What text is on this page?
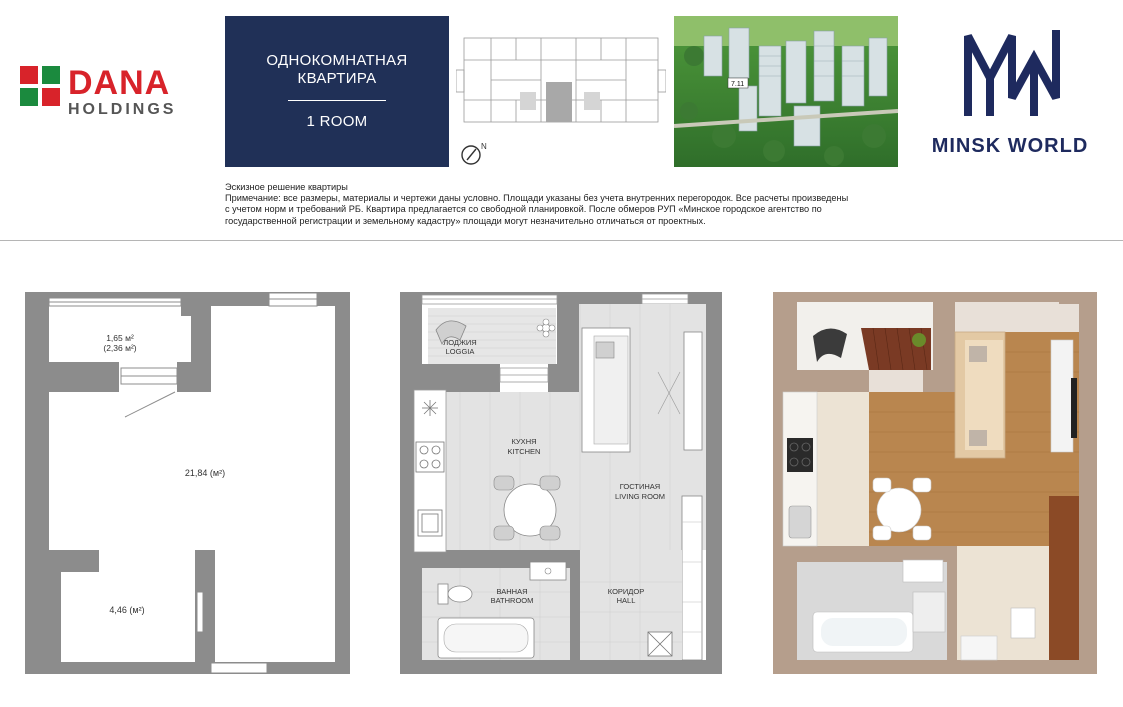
DANA
HOLDINGS
ОДНОКОМНАТНАЯ
КВАРТИРА
1 ROOM
N
7.11
MINSK WORLD
Эскизное решение квартиры
Примечание: все размеры, материалы и чертежи даны условно. Площади указаны без учета внутренних перегородок. Все расчеты произведены
с учетом норм и требований РБ. Квартира предлагается со свободной планировкой. После обмеров РУП «Минское городское агентство по
государственной регистрации и земельному кадастру» площади могут незначительно отличаться от проектных.
1,65 м²
(2,36 м²)
21,84 (м²)
4,46 (м²)
ЛОДЖИЯ
LOGGIA
КУХНЯ
KITCHEN
ГОСТИНАЯ
LIVING ROOM
ВАННАЯ
BATHROOM
КОРИДОР
HALL
